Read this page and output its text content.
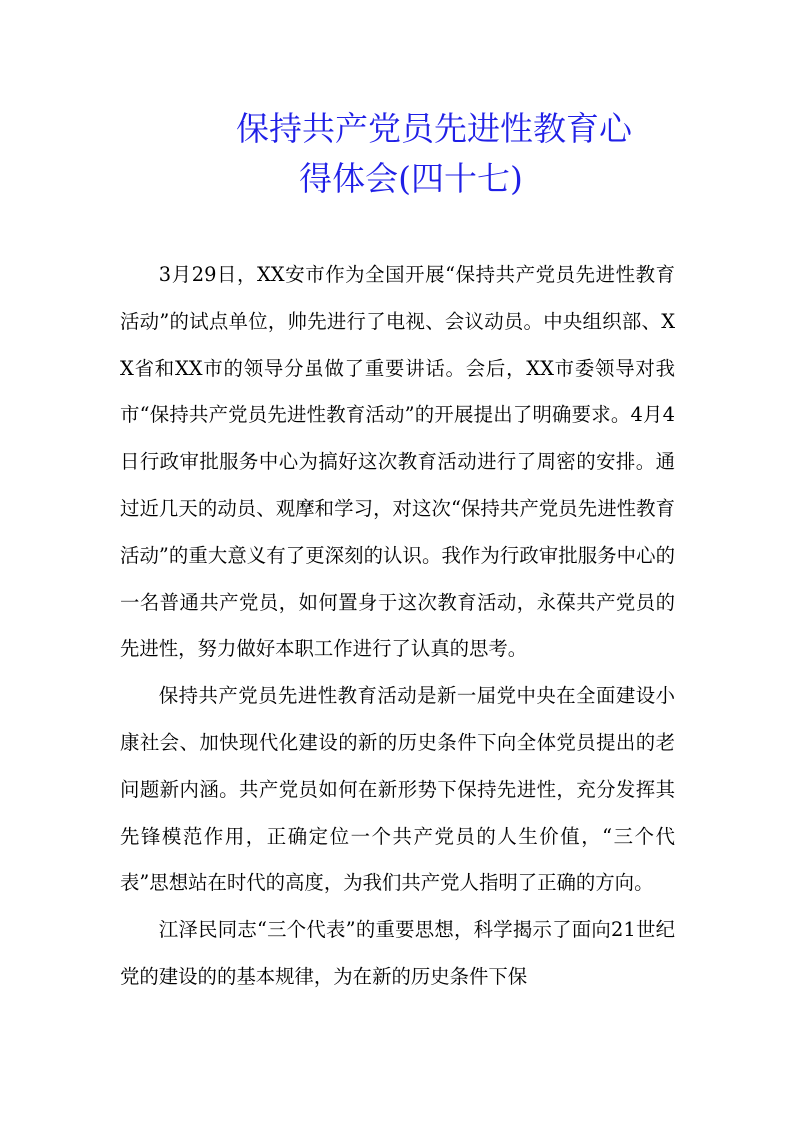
保持共产党员先进性教育心
得体会(四十七)

3月29日，XX安市作为全国开展“保持共产党员先进性教育活动”的试点单位，帅先进行了电视、会议动员。中央组织部、XX省和XX市的领导分虽做了重要讲话。会后，XX市委领导对我市“保持共产党员先进性教育活动”的开展提出了明确要求。4月4日行政审批服务中心为搞好这次教育活动进行了周密的安排。通过近几天的动员、观摩和学习，对这次“保持共产党员先进性教育活动”的重大意义有了更深刻的认识。我作为行政审批服务中心的一名普通共产党员，如何置身于这次教育活动，永葆共产党员的先进性，努力做好本职工作进行了认真的思考。

保持共产党员先进性教育活动是新一届党中央在全面建设小康社会、加快现代化建设的新的历史条件下向全体党员提出的老问题新内涵。共产党员如何在新形势下保持先进性，充分发挥其先锋模范作用，正确定位一个共产党员的人生价值，“三个代表”思想站在时代的高度，为我们共产党人指明了正确的方向。

江泽民同志“三个代表”的重要思想，科学揭示了面向21世纪党的建设的的基本规律，为在新的历史条件下保
